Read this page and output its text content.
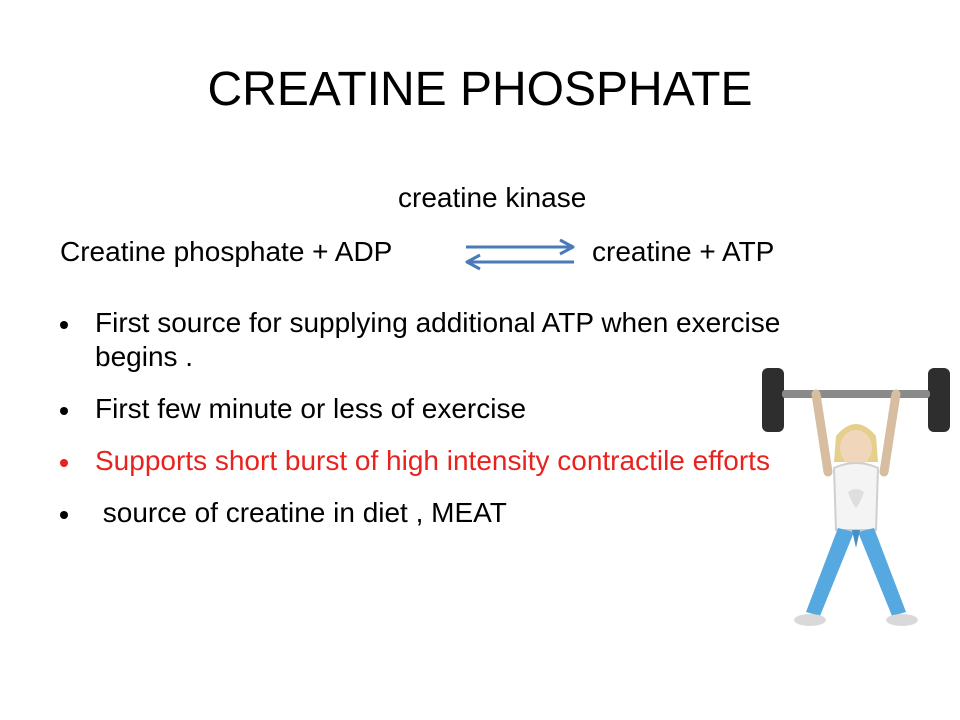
CREATINE PHOSPHATE
creatine kinase
Creatine phosphate + ADP	creatine + ATP
First source for supplying additional ATP when exercise begins .
First few minute or less of exercise
Supports short burst of high intensity contractile efforts
source of creatine in diet , MEAT
